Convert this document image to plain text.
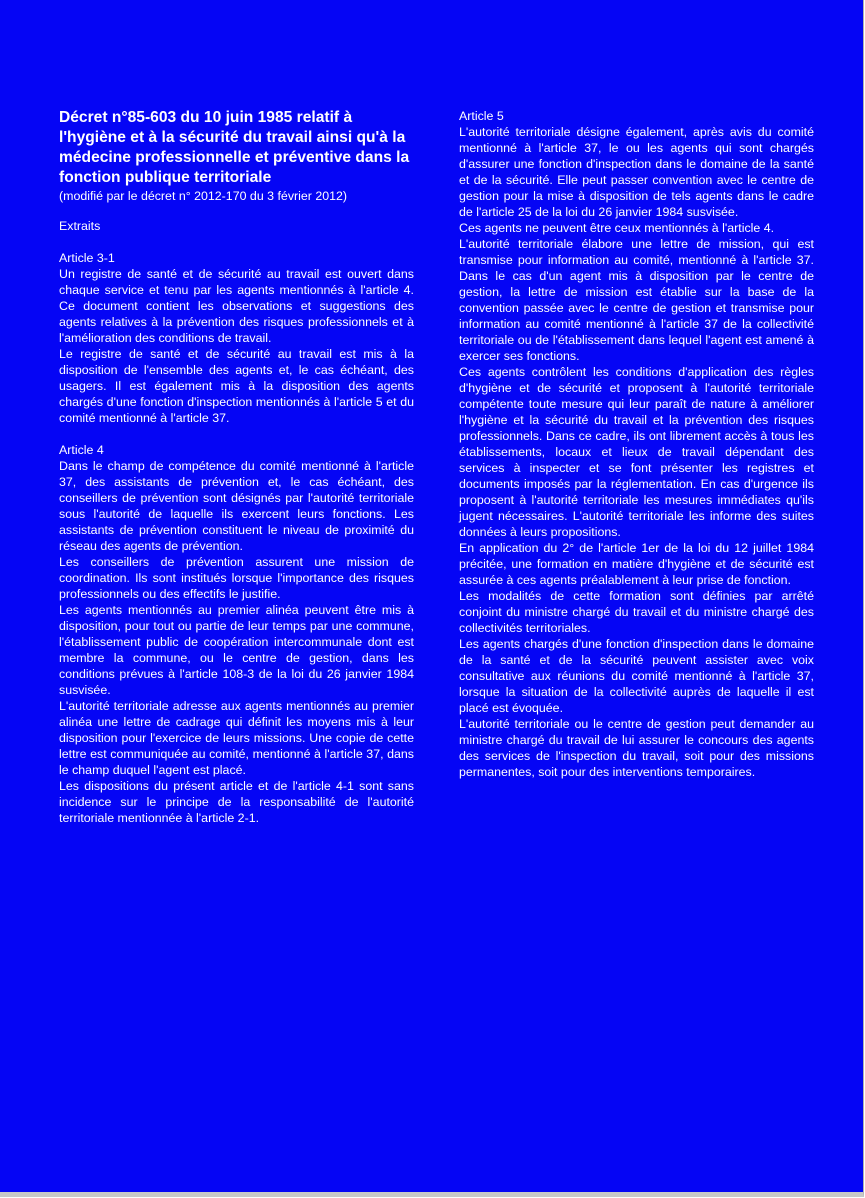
Décret n°85-603 du 10 juin 1985 relatif à l'hygiène et à la sécurité du travail ainsi qu'à la médecine professionnelle et préventive dans la fonction publique territoriale

(modifié par le décret n° 2012-170 du 3 février 2012)

Extraits

Article 3-1

Un registre de santé et de sécurité au travail est ouvert dans chaque service et tenu par les agents mentionnés à l'article 4. Ce document contient les observations et suggestions des agents relatives à la prévention des risques professionnels et à l'amélioration des conditions de travail.

Le registre de santé et de sécurité au travail est mis à la disposition de l'ensemble des agents et, le cas échéant, des usagers. Il est également mis à la disposition des agents chargés d'une fonction d'inspection mentionnés à l'article 5 et du comité mentionné à l'article 37.

Article 4

Dans le champ de compétence du comité mentionné à l'article 37, des assistants de prévention et, le cas échéant, des conseillers de prévention sont désignés par l'autorité territoriale sous l'autorité de laquelle ils exercent leurs fonctions. Les assistants de prévention constituent le niveau de proximité du réseau des agents de prévention.

Les conseillers de prévention assurent une mission de coordination. Ils sont institués lorsque l'importance des risques professionnels ou des effectifs le justifie.

Les agents mentionnés au premier alinéa peuvent être mis à disposition, pour tout ou partie de leur temps par une commune, l'établissement public de coopération intercommunale dont est membre la commune, ou le centre de gestion, dans les conditions prévues à l'article 108-3 de la loi du 26 janvier 1984 susvisée.

L'autorité territoriale adresse aux agents mentionnés au premier alinéa une lettre de cadrage qui définit les moyens mis à leur disposition pour l'exercice de leurs missions. Une copie de cette lettre est communiquée au comité, mentionné à l'article 37, dans le champ duquel l'agent est placé.

Les dispositions du présent article et de l'article 4-1 sont sans incidence sur le principe de la responsabilité de l'autorité territoriale mentionnée à l'article 2-1.

Article 5

L'autorité territoriale désigne également, après avis du comité mentionné à l'article 37, le ou les agents qui sont chargés d'assurer une fonction d'inspection dans le domaine de la santé et de la sécurité. Elle peut passer convention avec le centre de gestion pour la mise à disposition de tels agents dans le cadre de l'article 25 de la loi du 26 janvier 1984 susvisée.

Ces agents ne peuvent être ceux mentionnés à l'article 4.

L'autorité territoriale élabore une lettre de mission, qui est transmise pour information au comité, mentionné à l'article 37. Dans le cas d'un agent mis à disposition par le centre de gestion, la lettre de mission est établie sur la base de la convention passée avec le centre de gestion et transmise pour information au comité mentionné à l'article 37 de la collectivité territoriale ou de l'établissement dans lequel l'agent est amené à exercer ses fonctions.

Ces agents contrôlent les conditions d'application des règles d'hygiène et de sécurité et proposent à l'autorité territoriale compétente toute mesure qui leur paraît de nature à améliorer l'hygiène et la sécurité du travail et la prévention des risques professionnels. Dans ce cadre, ils ont librement accès à tous les établissements, locaux et lieux de travail dépendant des services à inspecter et se font présenter les registres et documents imposés par la réglementation. En cas d'urgence ils proposent à l'autorité territoriale les mesures immédiates qu'ils jugent nécessaires. L'autorité territoriale les informe des suites données à leurs propositions.

En application du 2° de l'article 1er de la loi du 12 juillet 1984 précitée, une formation en matière d'hygiène et de sécurité est assurée à ces agents préalablement à leur prise de fonction.

Les modalités de cette formation sont définies par arrêté conjoint du ministre chargé du travail et du ministre chargé des collectivités territoriales.

Les agents chargés d'une fonction d'inspection dans le domaine de la santé et de la sécurité peuvent assister avec voix consultative aux réunions du comité mentionné à l'article 37, lorsque la situation de la collectivité auprès de laquelle il est placé est évoquée.

L'autorité territoriale ou le centre de gestion peut demander au ministre chargé du travail de lui assurer le concours des agents des services de l'inspection du travail, soit pour des missions permanentes, soit pour des interventions temporaires.
